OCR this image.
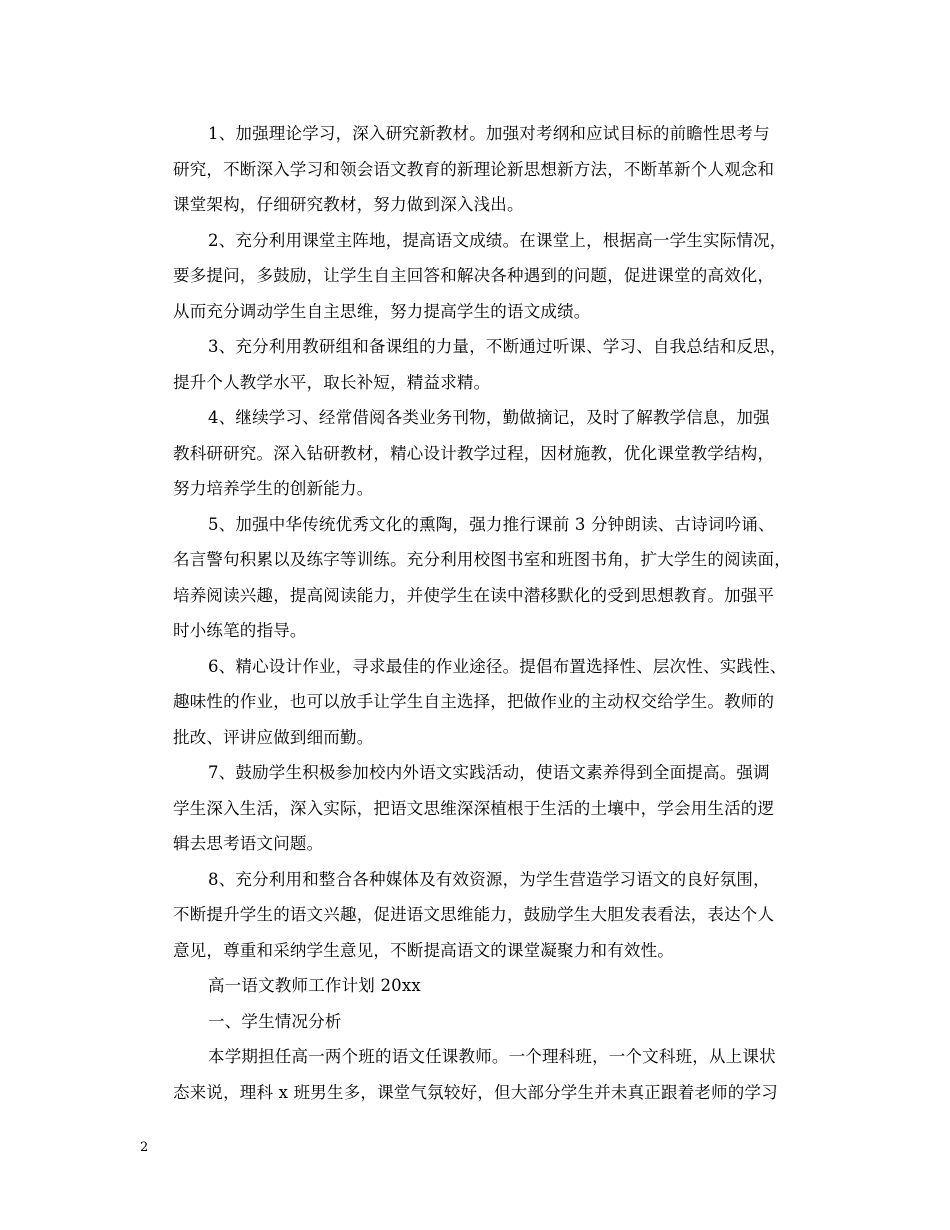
1、加强理论学习，深入研究新教材。加强对考纲和应试目标的前瞻性思考与
研究，不断深入学习和领会语文教育的新理论新思想新方法，不断革新个人观念和
课堂架构，仔细研究教材，努力做到深入浅出。
2、充分利用课堂主阵地，提高语文成绩。在课堂上，根据高一学生实际情况，
要多提问，多鼓励，让学生自主回答和解决各种遇到的问题，促进课堂的高效化，
从而充分调动学生自主思维，努力提高学生的语文成绩。
3、充分利用教研组和备课组的力量，不断通过听课、学习、自我总结和反思，
提升个人教学水平，取长补短，精益求精。
4、继续学习、经常借阅各类业务刊物，勤做摘记，及时了解教学信息，加强
教科研研究。深入钻研教材，精心设计教学过程，因材施教，优化课堂教学结构，
努力培养学生的创新能力。
5、加强中华传统优秀文化的熏陶，强力推行课前 3 分钟朗读、古诗词吟诵、
名言警句积累以及练字等训练。充分利用校图书室和班图书角，扩大学生的阅读面，
培养阅读兴趣，提高阅读能力，并使学生在读中潜移默化的受到思想教育。加强平
时小练笔的指导。
6、精心设计作业，寻求最佳的作业途径。提倡布置选择性、层次性、实践性、
趣味性的作业，也可以放手让学生自主选择，把做作业的主动权交给学生。教师的
批改、评讲应做到细而勤。
7、鼓励学生积极参加校内外语文实践活动，使语文素养得到全面提高。强调
学生深入生活，深入实际，把语文思维深深植根于生活的土壤中，学会用生活的逻
辑去思考语文问题。
8、充分利用和整合各种媒体及有效资源，为学生营造学习语文的良好氛围，
不断提升学生的语文兴趣，促进语文思维能力，鼓励学生大胆发表看法，表达个人
意见，尊重和采纳学生意见，不断提高语文的课堂凝聚力和有效性。
高一语文教师工作计划 20xx
一、学生情况分析
本学期担任高一两个班的语文任课教师。一个理科班，一个文科班，从上课状
态来说，理科 x 班男生多，课堂气氛较好，但大部分学生并未真正跟着老师的学习
2
